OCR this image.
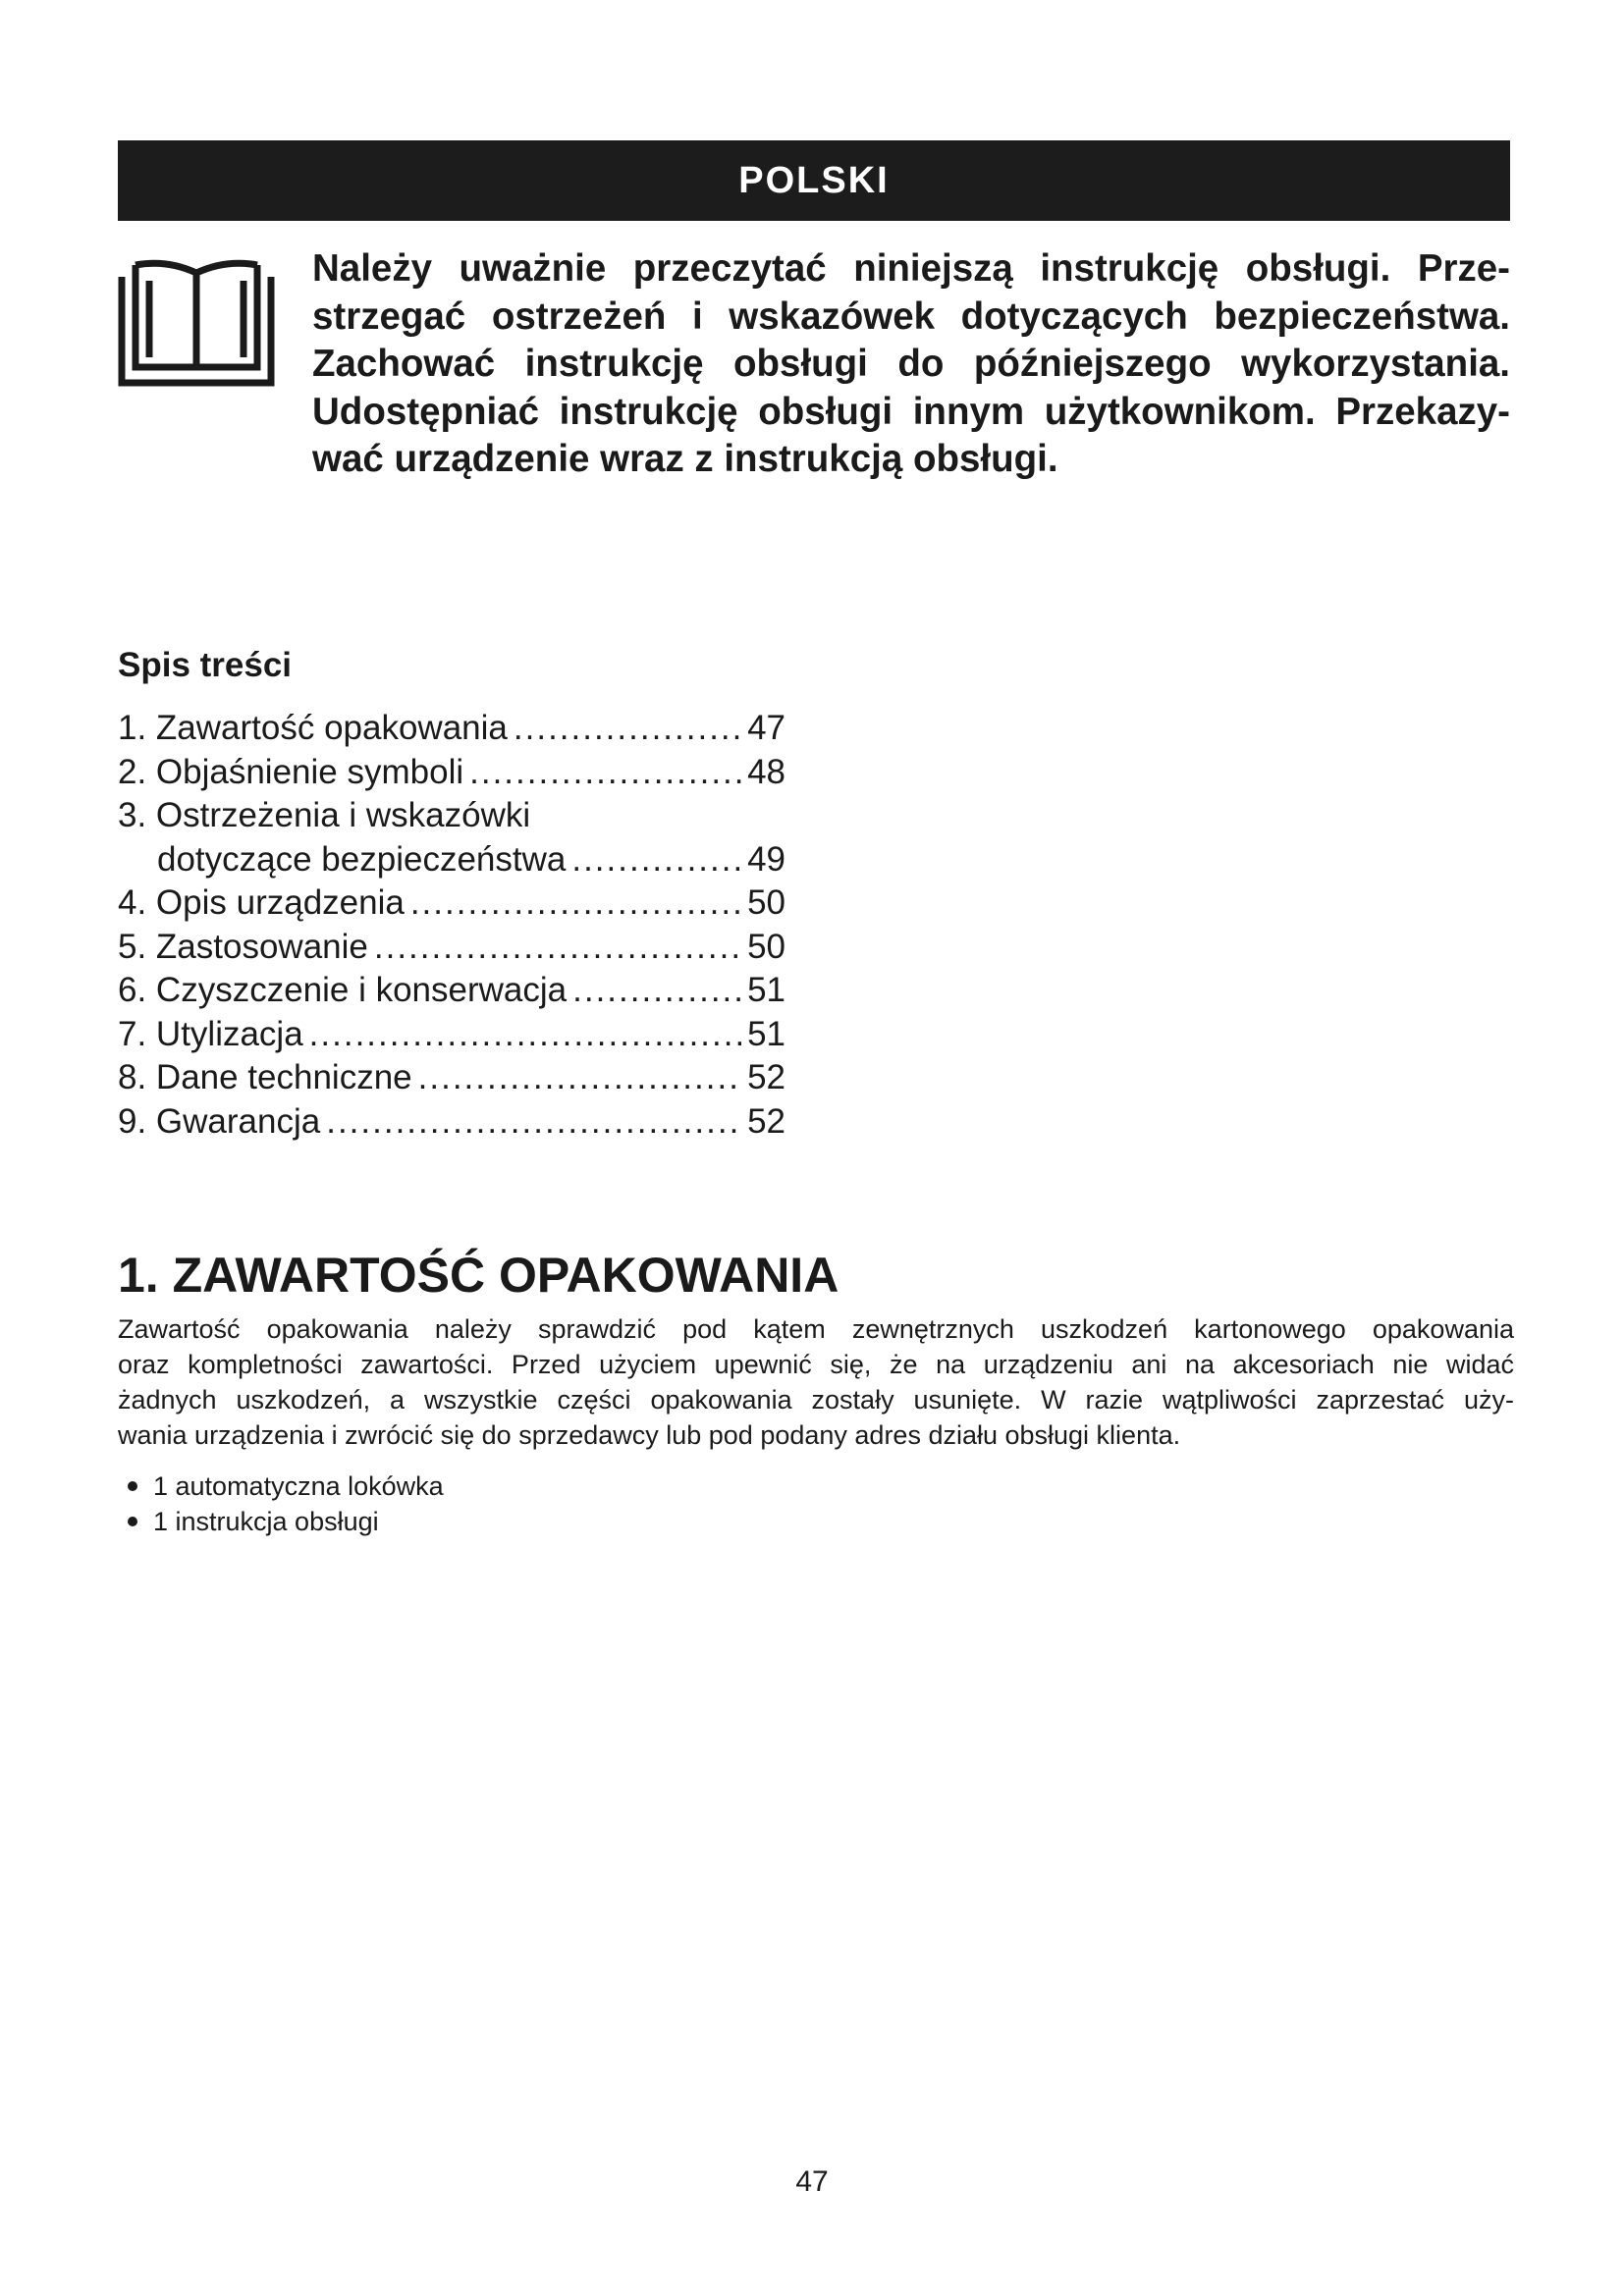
POLSKI
Należy uważnie przeczytać niniejszą instrukcję obsługi. Prze-
strzegać ostrzeżeń i wskazówek dotyczących bezpieczeństwa.
Zachować instrukcję obsługi do późniejszego wykorzystania.
Udostępniać instrukcję obsługi innym użytkownikom. Przekazy-
wać urządzenie wraz z instrukcją obsługi.
Spis treści
1. Zawartość opakowania .....	47
2. Objaśnienie symboli .....	48
3. Ostrzeżenia i wskazówki
dotyczące bezpieczeństwa .....	49
4. Opis urządzenia .....	50
5. Zastosowanie .....	50
6. Czyszczenie i konserwacja .....	51
7. Utylizacja .....	51
8. Dane techniczne .....	52
9. Gwarancja .....	52
1. ZAWARTOŚĆ OPAKOWANIA
Zawartość opakowania należy sprawdzić pod kątem zewnętrznych uszkodzeń kartonowego opakowania
oraz kompletności zawartości. Przed użyciem upewnić się, że na urządzeniu ani na akcesoriach nie widać
żadnych uszkodzeń, a wszystkie części opakowania zostały usunięte. W razie wątpliwości zaprzestać uży-
wania urządzenia i zwrócić się do sprzedawcy lub pod podany adres działu obsługi klienta.
1 automatyczna lokówka
1 instrukcja obsługi
47
